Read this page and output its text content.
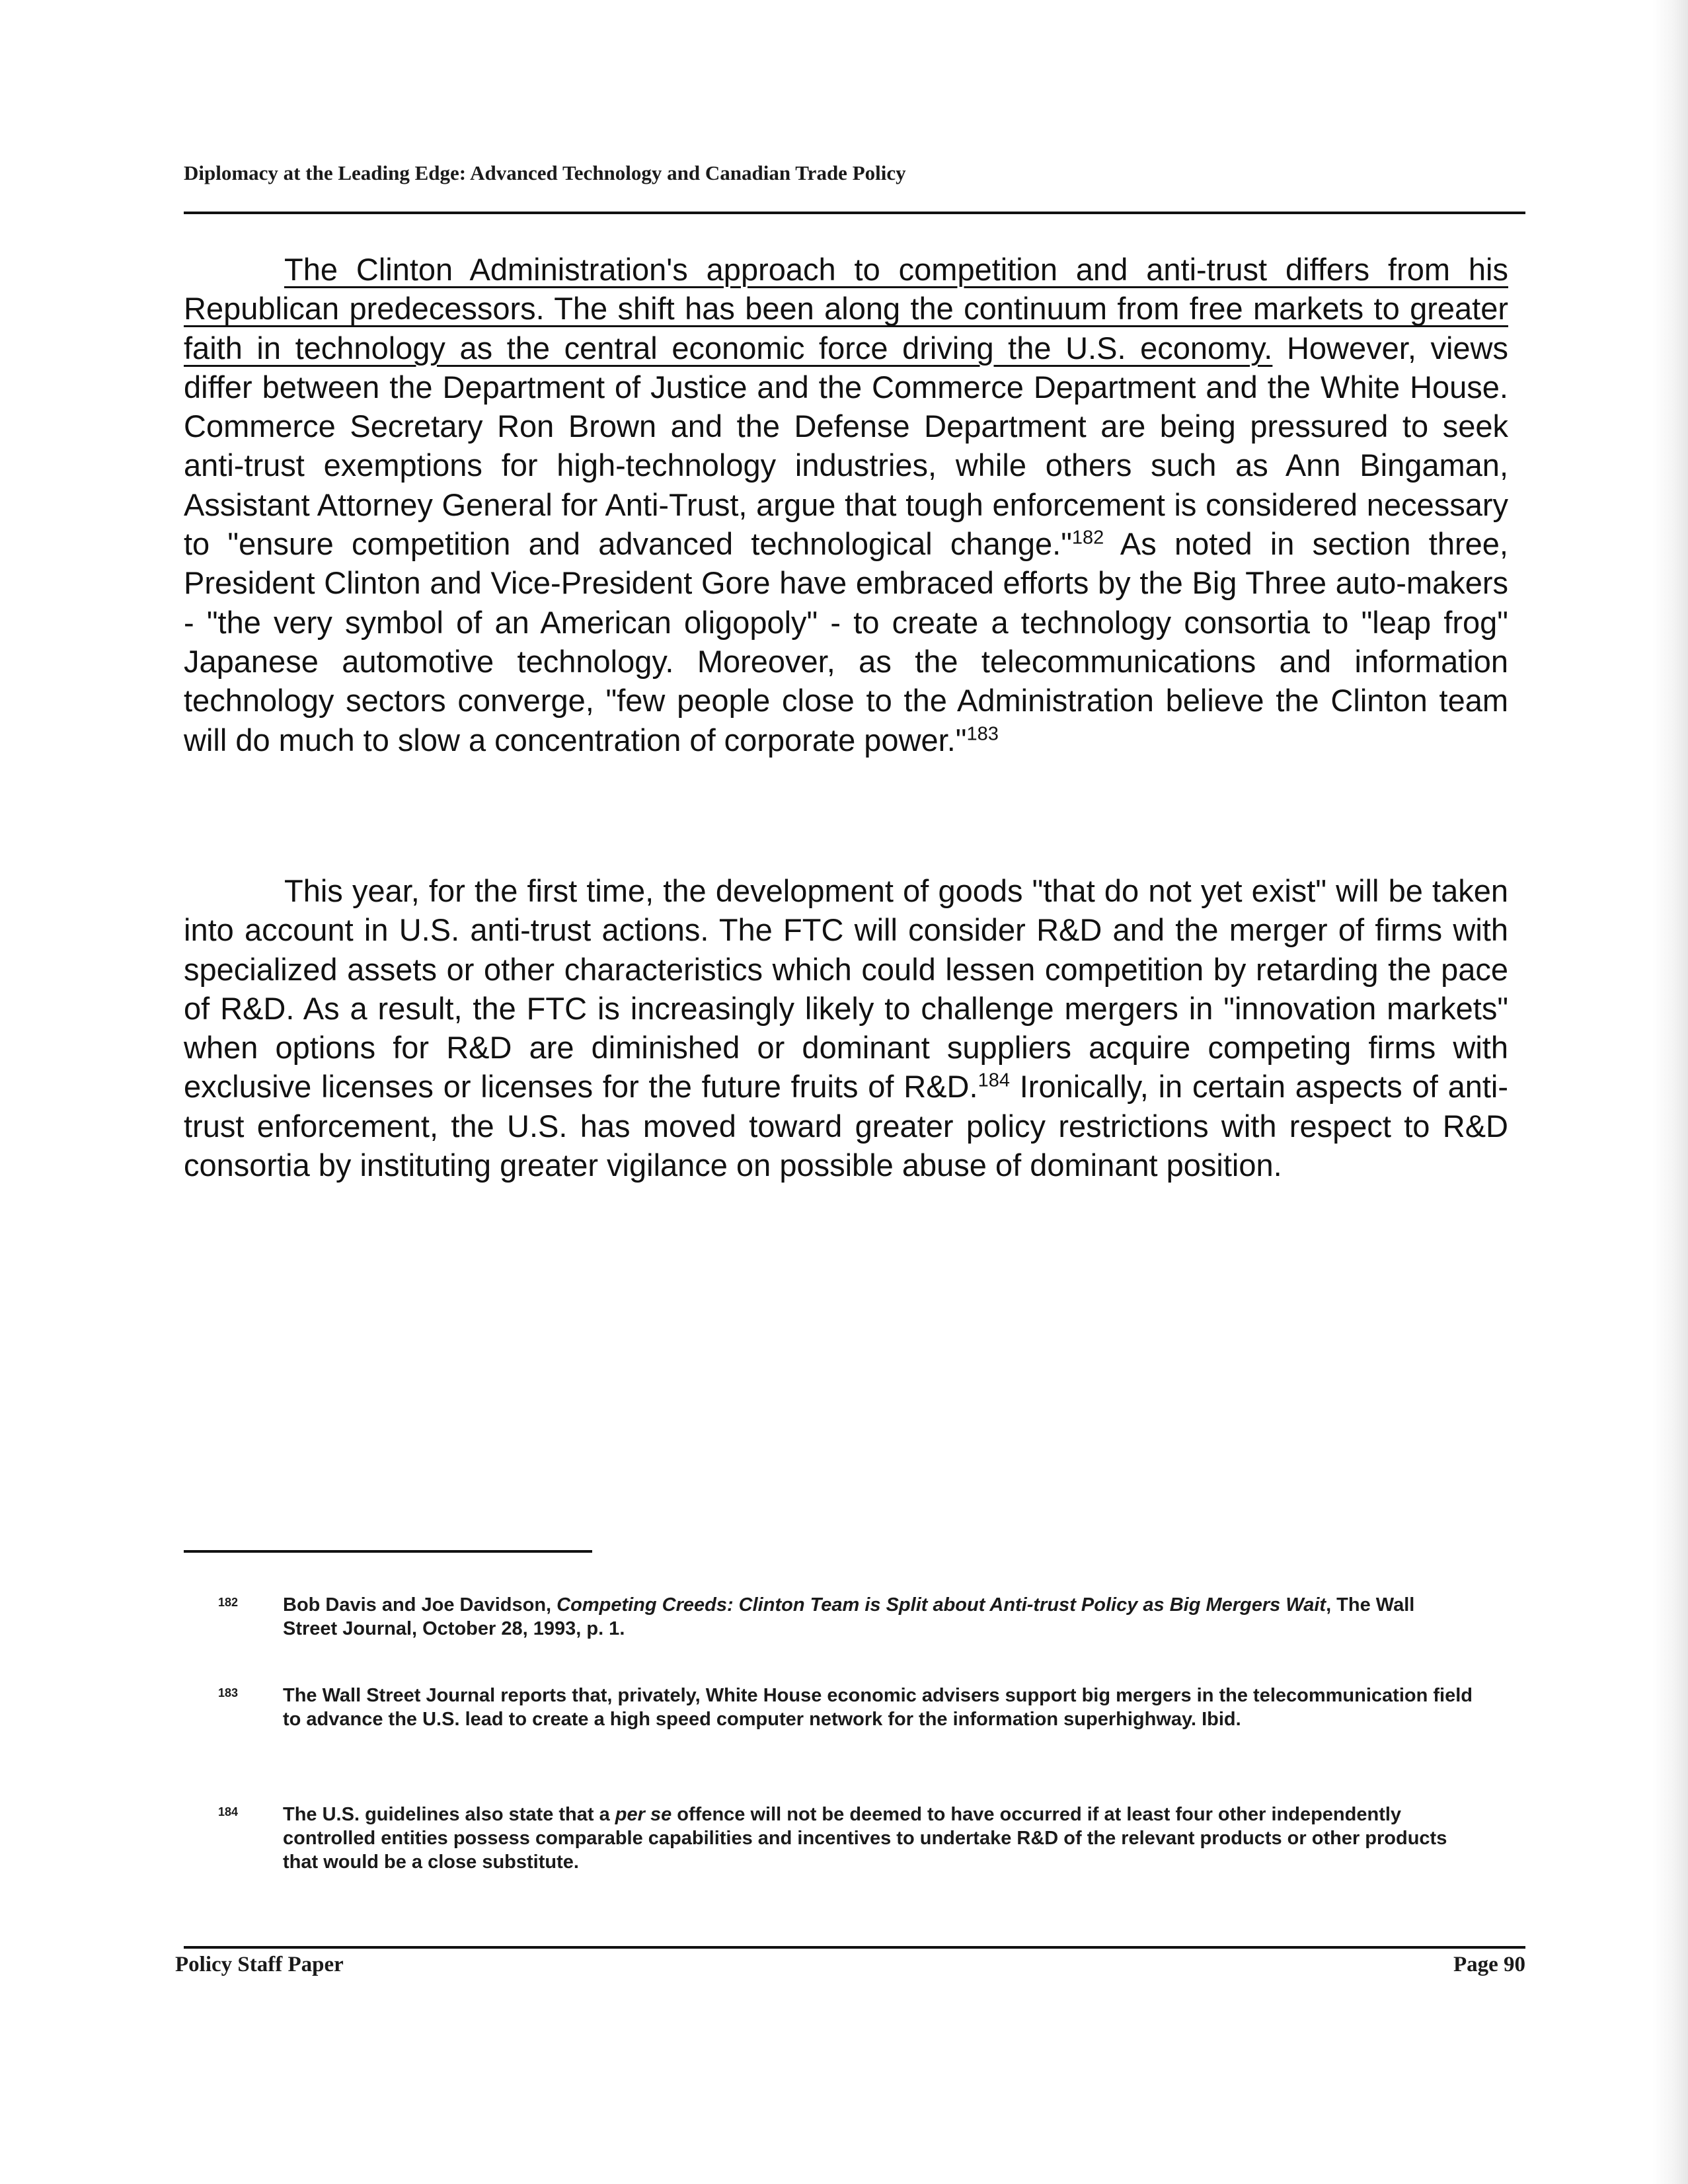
Diplomacy at the Leading Edge: Advanced Technology and Canadian Trade Policy
The Clinton Administration's approach to competition and anti-trust differs from his Republican predecessors. The shift has been along the continuum from free markets to greater faith in technology as the central economic force driving the U.S. economy. However, views differ between the Department of Justice and the Commerce Department and the White House. Commerce Secretary Ron Brown and the Defense Department are being pressured to seek anti-trust exemptions for high-technology industries, while others such as Ann Bingaman, Assistant Attorney General for Anti-Trust, argue that tough enforcement is considered necessary to "ensure competition and advanced technological change."$^{182}$ As noted in section three, President Clinton and Vice-President Gore have embraced efforts by the Big Three auto-makers - "the very symbol of an American oligopoly" - to create a technology consortia to "leap frog" Japanese automotive technology. Moreover, as the telecommunications and information technology sectors converge, "few people close to the Administration believe the Clinton team will do much to slow a concentration of corporate power."$^{183}$
This year, for the first time, the development of goods "that do not yet exist" will be taken into account in U.S. anti-trust actions. The FTC will consider R&D and the merger of firms with specialized assets or other characteristics which could lessen competition by retarding the pace of R&D. As a result, the FTC is increasingly likely to challenge mergers in "innovation markets" when options for R&D are diminished or dominant suppliers acquire competing firms with exclusive licenses or licenses for the future fruits of R&D.$^{184}$ Ironically, in certain aspects of anti-trust enforcement, the U.S. has moved toward greater policy restrictions with respect to R&D consortia by instituting greater vigilance on possible abuse of dominant position.
182 Bob Davis and Joe Davidson, Competing Creeds: Clinton Team is Split about Anti-trust Policy as Big Mergers Wait, The Wall Street Journal, October 28, 1993, p. 1.
183 The Wall Street Journal reports that, privately, White House economic advisers support big mergers in the telecommunication field to advance the U.S. lead to create a high speed computer network for the information superhighway. Ibid.
184 The U.S. guidelines also state that a per se offence will not be deemed to have occurred if at least four other independently controlled entities possess comparable capabilities and incentives to undertake R&D of the relevant products or other products that would be a close substitute.
Policy Staff Paper	Page 90
